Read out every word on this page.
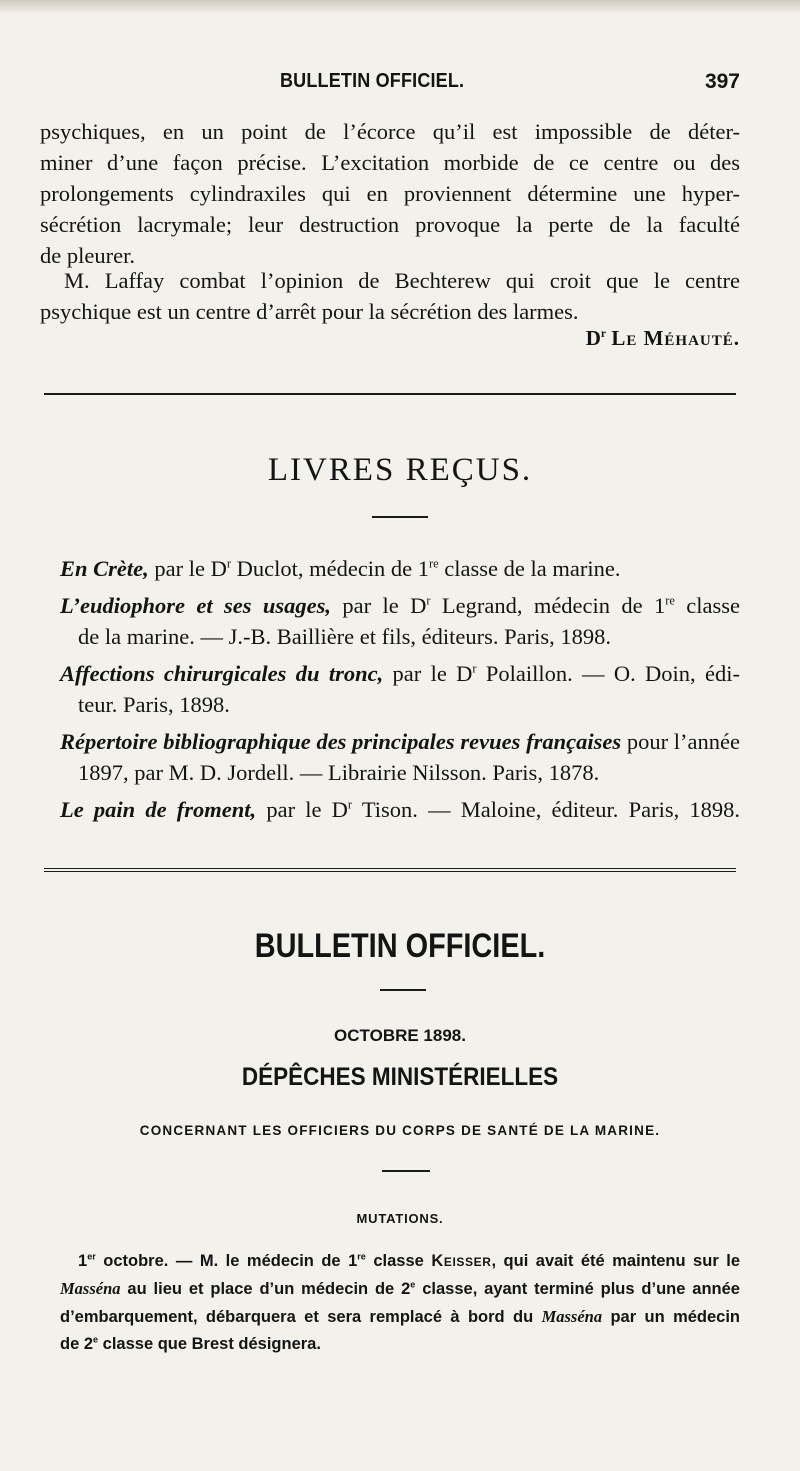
BULLETIN OFFICIEL.	397
psychiques, en un point de l’écorce qu’il est impossible de déter-
miner d’une façon précise. L’excitation morbide de ce centre ou des
prolongements cylindraxiles qui en proviennent détermine une hyper-
sécrétion lacrymale; leur destruction provoque la perte de la faculté
de pleurer.
M. Laffay combat l’opinion de Bechterew qui croit que le centre
psychique est un centre d’arrêt pour la sécrétion des larmes.
$D^r$ Le Méhauté.
LIVRES REÇUS.
En Crète, par le $D^r$ Duclot, médecin de 1re classe de la marine.
L’eudiophore et ses usages, par le $D^r$ Legrand, médecin de 1re classe
de la marine. — J.-B. Baillière et fils, éditeurs. Paris, 1898.
Affections chirurgicales du tronc, par le $D^r$ Polaillon. — O. Doin, édi-
teur. Paris, 1898.
Répertoire bibliographique des principales revues françaises pour l’année
1897, par M. D. Jordell. — Librairie Nilsson. Paris, 1878.
Le pain de froment, par le $D^r$ Tison. — Maloine, éditeur. Paris, 1898.
BULLETIN OFFICIEL.
OCTOBRE 1898.
DÉPÊCHES MINISTÉRIELLES
CONCERNANT LES OFFICIERS DU CORPS DE SANTÉ DE LA MARINE.
MUTATIONS.
1er octobre. — M. le médecin de 1re classe Keisser, qui avait été maintenu sur le
Masséna au lieu et place d’un médecin de 2e classe, ayant terminé plus d’une année
d’embarquement, débarquera et sera remplacé à bord du Masséna par un médecin
de 2e classe que Brest désignera.
